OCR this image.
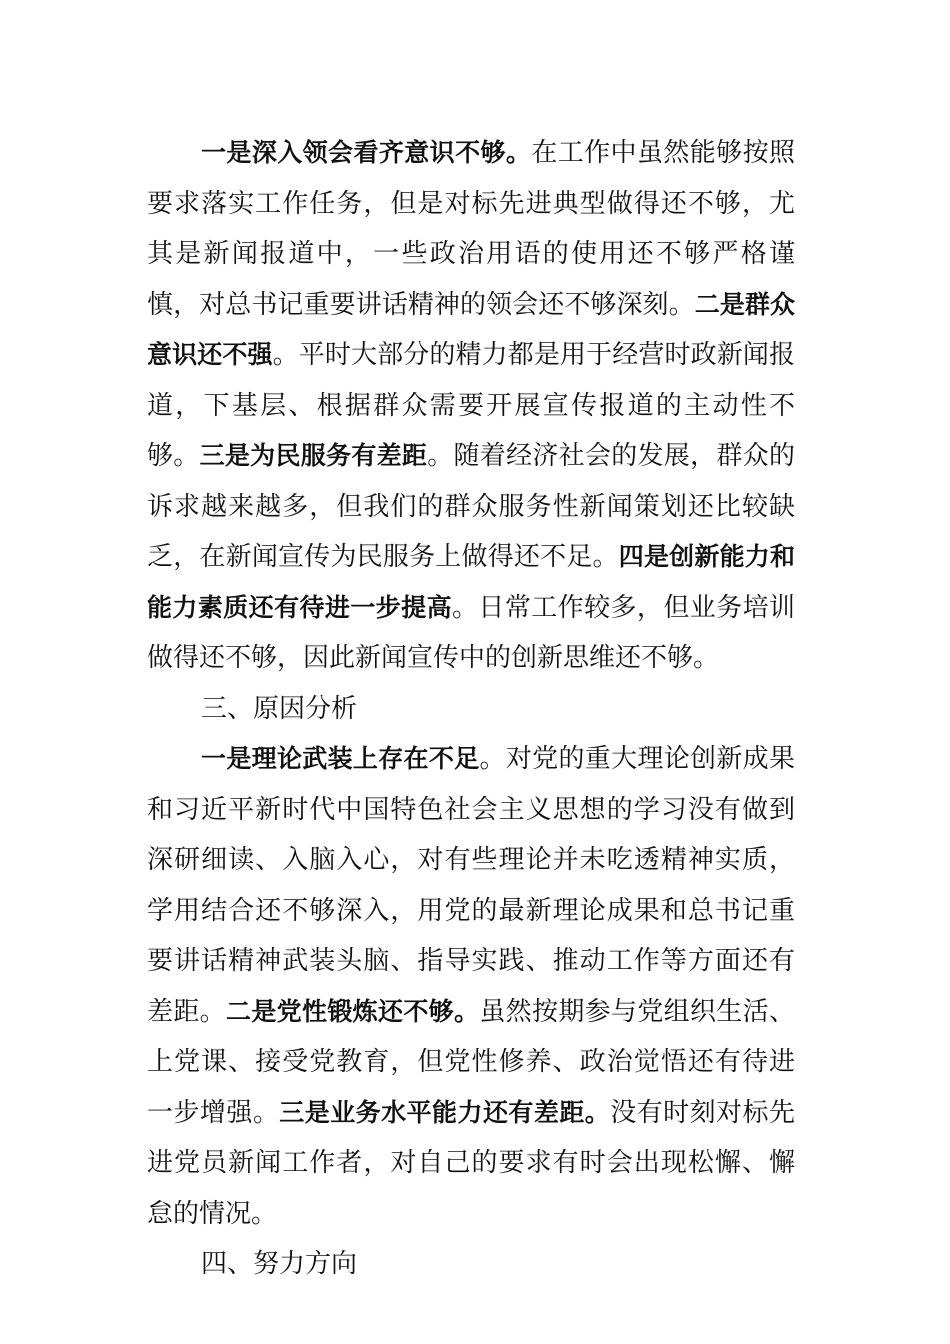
一是深入领会看齐意识不够。在工作中虽然能够按照要求落实工作任务，但是对标先进典型做得还不够，尤其是新闻报道中，一些政治用语的使用还不够严格谨慎，对总书记重要讲话精神的领会还不够深刻。二是群众意识还不强。平时大部分的精力都是用于经营时政新闻报道，下基层、根据群众需要开展宣传报道的主动性不够。三是为民服务有差距。随着经济社会的发展，群众的诉求越来越多，但我们的群众服务性新闻策划还比较缺乏，在新闻宣传为民服务上做得还不足。四是创新能力和能力素质还有待进一步提高。日常工作较多，但业务培训做得还不够，因此新闻宣传中的创新思维还不够。

三、原因分析

一是理论武装上存在不足。对党的重大理论创新成果和习近平新时代中国特色社会主义思想的学习没有做到深研细读、入脑入心，对有些理论并未吃透精神实质，学用结合还不够深入，用党的最新理论成果和总书记重要讲话精神武装头脑、指导实践、推动工作等方面还有差距。二是党性锻炼还不够。虽然按期参与党组织生活、上党课、接受党教育，但党性修养、政治觉悟还有待进一步增强。三是业务水平能力还有差距。没有时刻对标先进党员新闻工作者，对自己的要求有时会出现松懈、懈怠的情况。

四、努力方向
